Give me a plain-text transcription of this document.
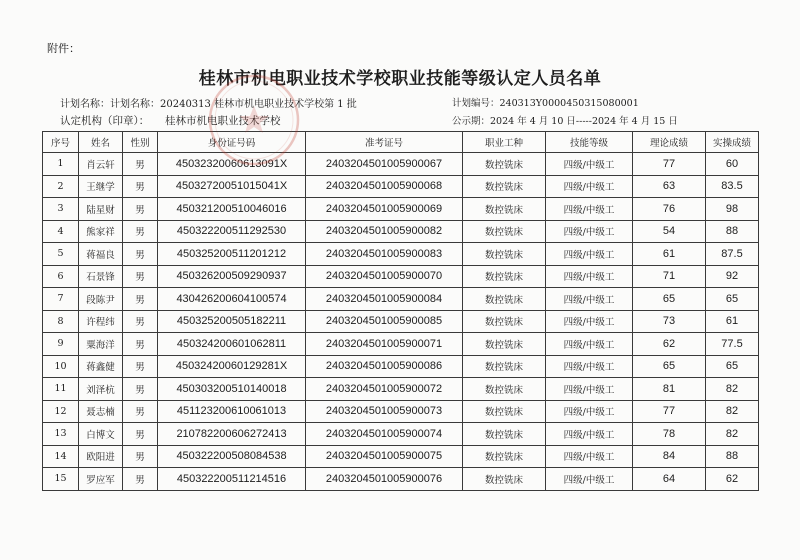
附件：
桂林市机电职业技术学校职业技能等级认定人员名单
计划名称：计划名称：20240313 桂林市机电职业技术学校第 1 批	计划编号：240313Y0000450315080001
认定机构（印章）： 桂林市机电职业技术学校	公示期：2024 年 4 月 10 日-----2024 年 4 月 15 日
序号	姓名	性别	身份证号码	准考证号	职业工种	技能等级	理论成绩	实操成绩
1	肖云轩	男	45032320060613091X	2403204501005900067	数控铣床	四级/中级工	77	60
2	王继学	男	45032720051015041X	2403204501005900068	数控铣床	四级/中级工	63	83.5
3	陆星财	男	450321200510046016	2403204501005900069	数控铣床	四级/中级工	76	98
4	熊家祥	男	450322200511292530	2403204501005900082	数控铣床	四级/中级工	54	88
5	蒋福良	男	450325200511201212	2403204501005900083	数控铣床	四级/中级工	61	87.5
6	石景锋	男	450326200509290937	2403204501005900070	数控铣床	四级/中级工	71	92
7	段陈尹	男	430426200604100574	2403204501005900084	数控铣床	四级/中级工	65	65
8	许程纬	男	450325200505182211	2403204501005900085	数控铣床	四级/中级工	73	61
9	粟海洋	男	450324200601062811	2403204501005900071	数控铣床	四级/中级工	62	77.5
10	蒋鑫健	男	45032420060129281X	2403204501005900086	数控铣床	四级/中级工	65	65
11	刘泽杭	男	450303200510140018	2403204501005900072	数控铣床	四级/中级工	81	82
12	聂志楠	男	451123200610061013	2403204501005900073	数控铣床	四级/中级工	77	82
13	白博文	男	210782200606272413	2403204501005900074	数控铣床	四级/中级工	78	82
14	欧阳进	男	450322200508084538	2403204501005900075	数控铣床	四级/中级工	84	88
15	罗应军	男	450322200511214516	2403204501005900076	数控铣床	四级/中级工	64	62
